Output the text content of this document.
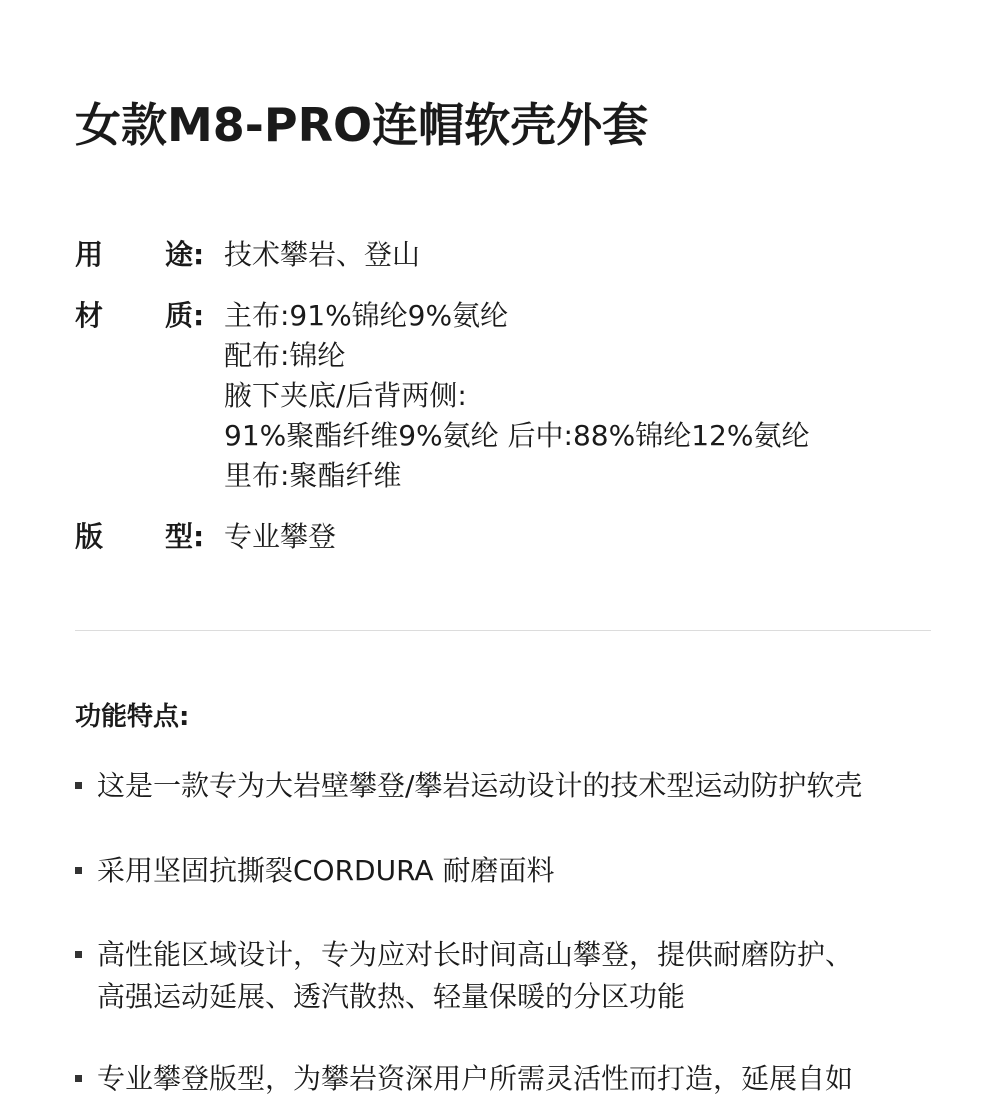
女款M8-PRO连帽软壳外套
用 途: 技术攀岩、登山
材 质: 主布:91%锦纶9%氨纶
配布:锦纶
腋下夹底/后背两侧:
91%聚酯纤维9%氨纶 后中:88%锦纶12%氨纶
里布:聚酯纤维
版 型: 专业攀登
功能特点:
这是一款专为大岩壁攀登/攀岩运动设计的技术型运动防护软壳
采用坚固抗撕裂CORDURA 耐磨面料
高性能区域设计，专为应对长时间高山攀登，提供耐磨防护、
高强运动延展、透汽散热、轻量保暖的分区功能
专业攀登版型，为攀岩资深用户所需灵活性而打造，延展自如
